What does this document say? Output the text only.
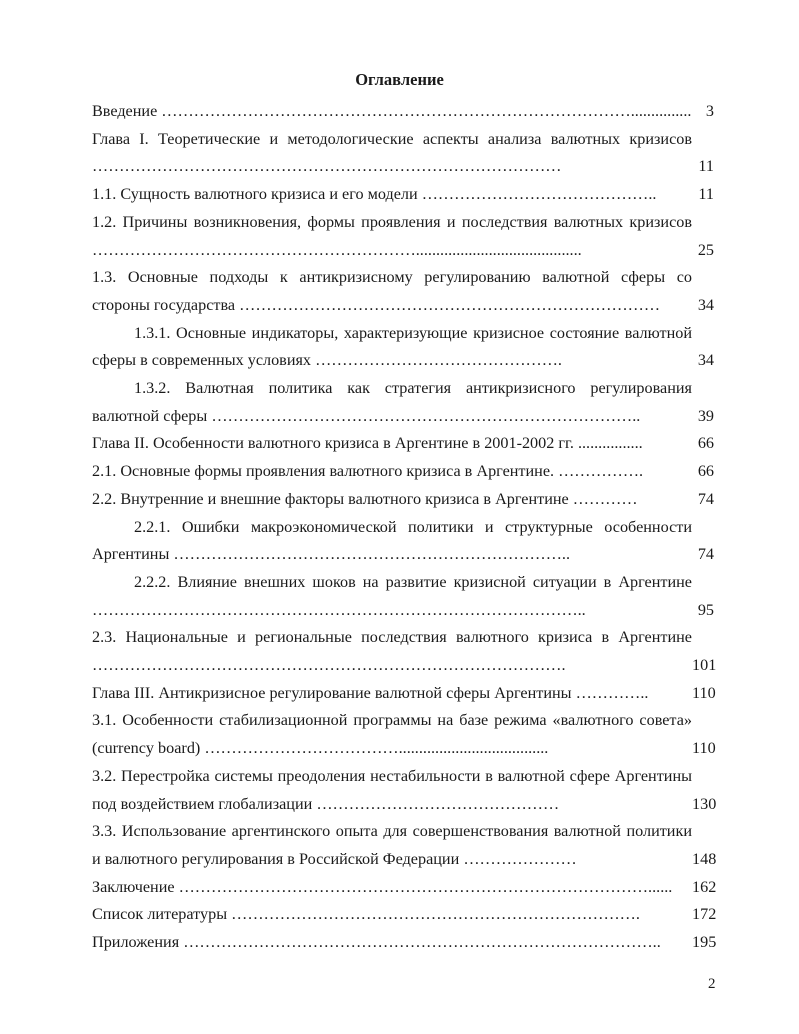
Оглавление
Введение ……………………………………………………………………………............... 3
Глава I. Теоретические и методологические аспекты анализа валютных кризисов ……………………………………………………………………………	11
1.1. Сущность валютного кризиса и его модели ……………………………………..	11
1.2. Причины возникновения, формы проявления и последствия валютных кризисов …………………………………………………….........................................	25
1.3. Основные подходы к антикризисному регулированию валютной сферы со стороны государства ……………………………………………………………………	34
1.3.1. Основные индикаторы, характеризующие кризисное состояние валютной сферы в современных условиях ……………………………………….	34
1.3.2. Валютная политика как стратегия антикризисного регулирования валютной сферы ……………………………………………………………………..	39
Глава II. Особенности валютного кризиса в Аргентине в 2001-2002 гг. ................	66
2.1. Основные формы проявления валютного кризиса в Аргентине. …………….	66
2.2. Внутренние и внешние факторы валютного кризиса в Аргентине …………	74
2.2.1. Ошибки макроэкономической политики и структурные особенности Аргентины ………………………………………………………………..	74
2.2.2. Влияние внешних шоков на развитие кризисной ситуации в Аргентине ………………………………………………………………………………..	95
2.3. Национальные и региональные последствия валютного кризиса в Аргентине …………………………………………………………………………….	101
Глава III. Антикризисное регулирование валютной сферы Аргентины …………..	110
3.1. Особенности стабилизационной программы на базе режима «валютного совета» (currency board) ……………………………….....................................	110
3.2. Перестройка системы преодоления нестабильности в валютной сфере Аргентины под воздействием глобализации ………………………………………	130
3.3. Использование аргентинского опыта для совершенствования валютной политики и валютного регулирования в Российской Федерации …………………	148
Заключение ……………………………………………………………………………......	162
Список литературы ………………………………………………………………….	172
Приложения ……………………………………………………………………………..	195
2
